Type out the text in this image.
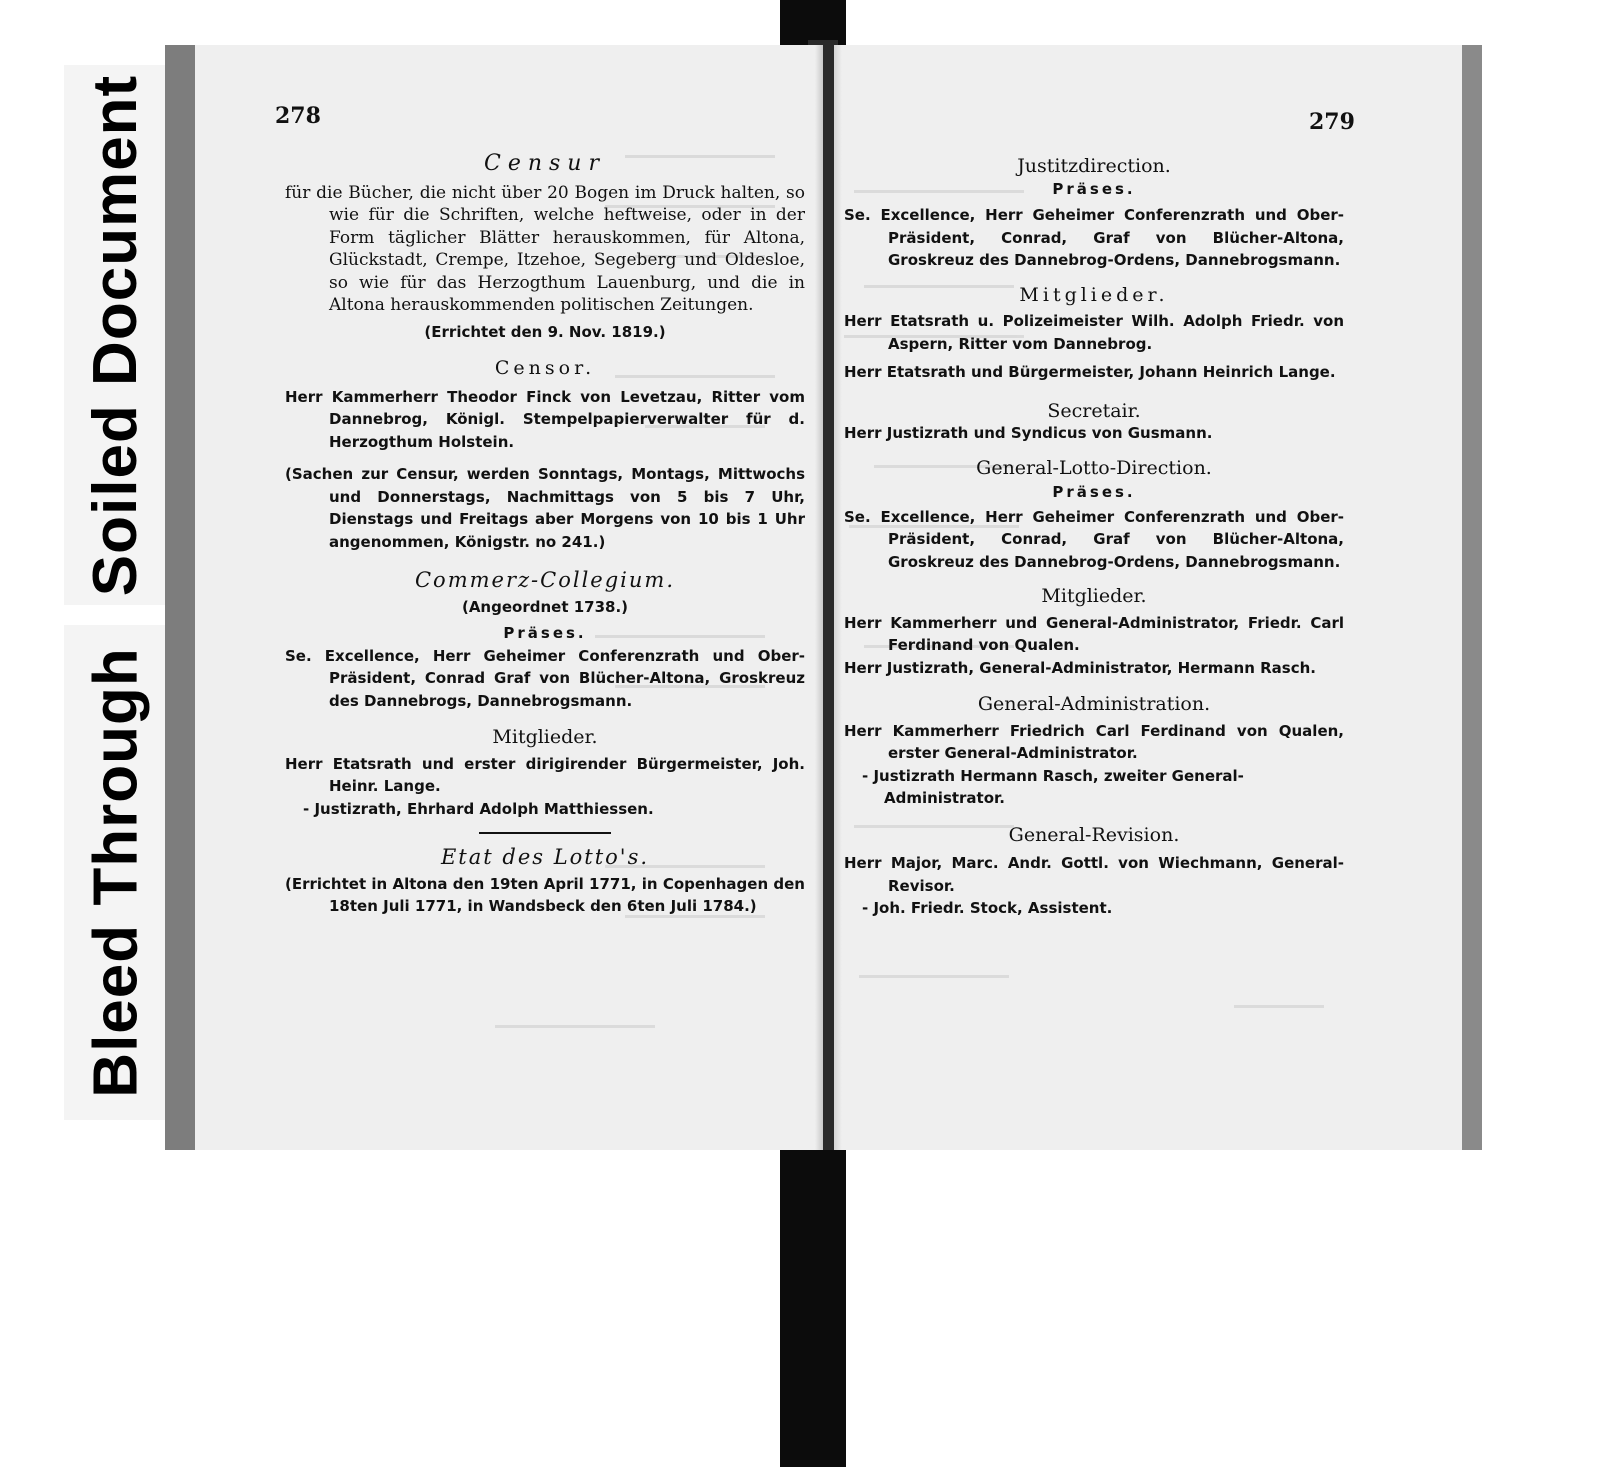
Soiled Document
Bleed Through
278
Censur
für die Bücher, die nicht über 20 Bogen im Druck halten, so wie für die Schriften, welche heftweise, oder in der Form täglicher Blätter herauskommen, für Altona, Glückstadt, Crempe, Itzehoe, Segeberg und Oldesloe, so wie für das Herzogthum Lauenburg, und die in Altona herauskommenden politischen Zeitungen.
(Errichtet den 9. Nov. 1819.)
Censor.
Herr Kammerherr Theodor Finck von Levetzau, Ritter vom Dannebrog, Königl. Stempelpapierverwalter für d. Herzogthum Holstein.
(Sachen zur Censur, werden Sonntags, Montags, Mittwochs und Donnerstags, Nachmittags von 5 bis 7 Uhr, Dienstags und Freitags aber Morgens von 10 bis 1 Uhr angenommen, Königstr. no 241.)
Commerz-Collegium.
(Angeordnet 1738.)
Präses.
Se. Excellence, Herr Geheimer Conferenzrath und Ober-Präsident, Conrad Graf von Blücher-Altona, Groskreuz des Dannebrogs, Dannebrogsmann.
Mitglieder.
Herr Etatsrath und erster dirigirender Bürgermeister, Joh. Heinr. Lange.
- Justizrath, Ehrhard Adolph Matthiessen.
Etat des Lotto's.
(Errichtet in Altona den 19ten April 1771, in Copenhagen den 18ten Juli 1771, in Wandsbeck den 6ten Juli 1784.)
279
Justitzdirection.
Präses.
Se. Excellence, Herr Geheimer Conferenzrath und Ober-Präsident, Conrad, Graf von Blücher-Altona, Groskreuz des Dannebrog-Ordens, Dannebrogsmann.
Mitglieder.
Herr Etatsrath u. Polizeimeister Wilh. Adolph Friedr. von Aspern, Ritter vom Dannebrog.
Herr Etatsrath und Bürgermeister, Johann Heinrich Lange.
Secretair.
Herr Justizrath und Syndicus von Gusmann.
General-Lotto-Direction.
Präses.
Se. Excellence, Herr Geheimer Conferenzrath und Ober-Präsident, Conrad, Graf von Blücher-Altona, Groskreuz des Dannebrog-Ordens, Dannebrogsmann.
Mitglieder.
Herr Kammerherr und General-Administrator, Friedr. Carl Ferdinand von Qualen.
Herr Justizrath, General-Administrator, Hermann Rasch.
General-Administration.
Herr Kammerherr Friedrich Carl Ferdinand von Qualen, erster General-Administrator.
- Justizrath Hermann Rasch, zweiter General-Administrator.
General-Revision.
Herr Major, Marc. Andr. Gottl. von Wiechmann, General-Revisor.
- Joh. Friedr. Stock, Assistent.
